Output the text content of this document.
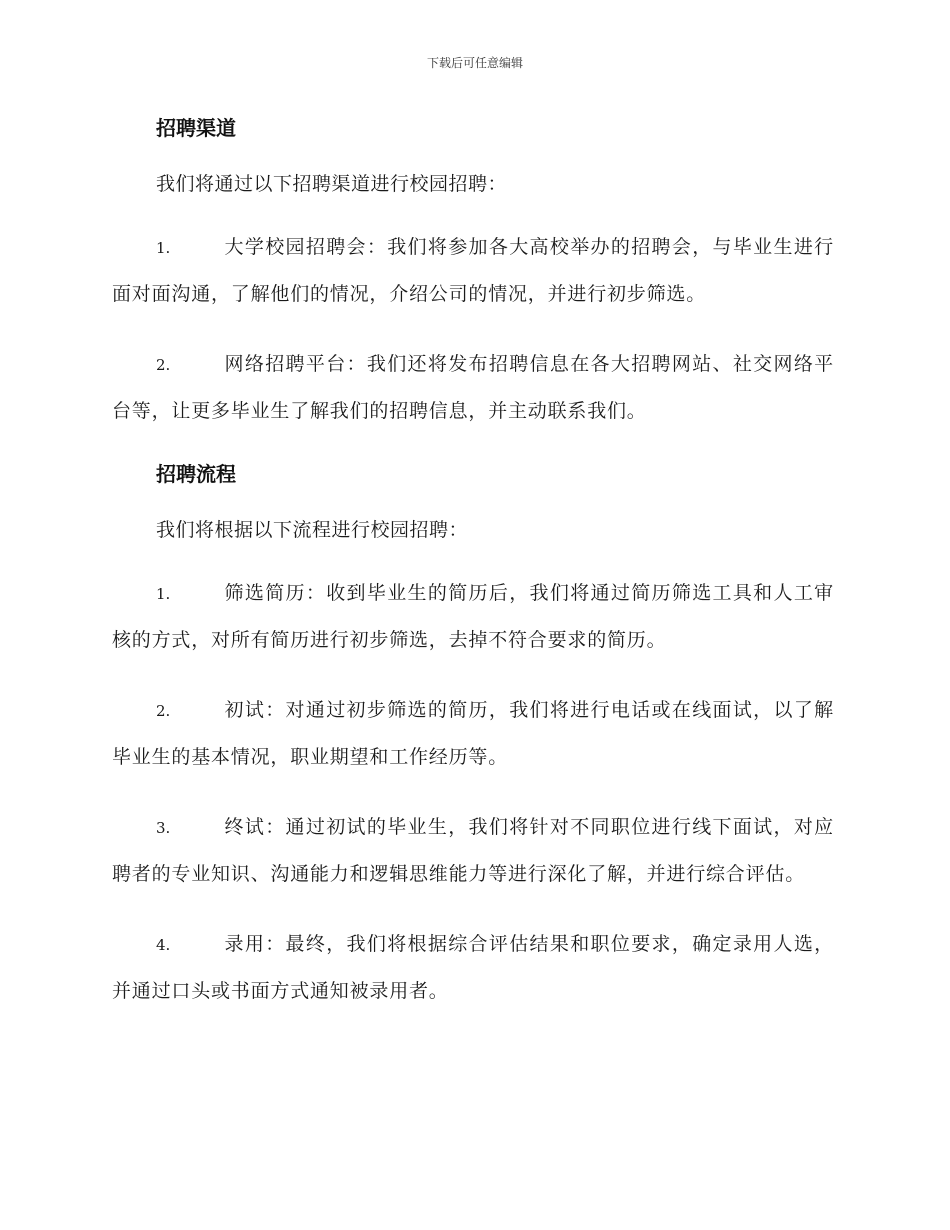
下载后可任意编辑
招聘渠道

我们将通过以下招聘渠道进行校园招聘：

1.	大学校园招聘会：我们将参加各大高校举办的招聘会，与毕业生进行面对面沟通，了解他们的情况，介绍公司的情况，并进行初步筛选。
2.	网络招聘平台：我们还将发布招聘信息在各大招聘网站、社交网络平台等，让更多毕业生了解我们的招聘信息，并主动联系我们。
招聘流程

我们将根据以下流程进行校园招聘：

1.	筛选简历：收到毕业生的简历后，我们将通过简历筛选工具和人工审核的方式，对所有简历进行初步筛选，去掉不符合要求的简历。
2.	初试：对通过初步筛选的简历，我们将进行电话或在线面试，以了解毕业生的基本情况，职业期望和工作经历等。
3.	终试：通过初试的毕业生，我们将针对不同职位进行线下面试，对应聘者的专业知识、沟通能力和逻辑思维能力等进行深化了解，并进行综合评估。
4.	录用：最终，我们将根据综合评估结果和职位要求，确定录用人选，并通过口头或书面方式通知被录用者。
